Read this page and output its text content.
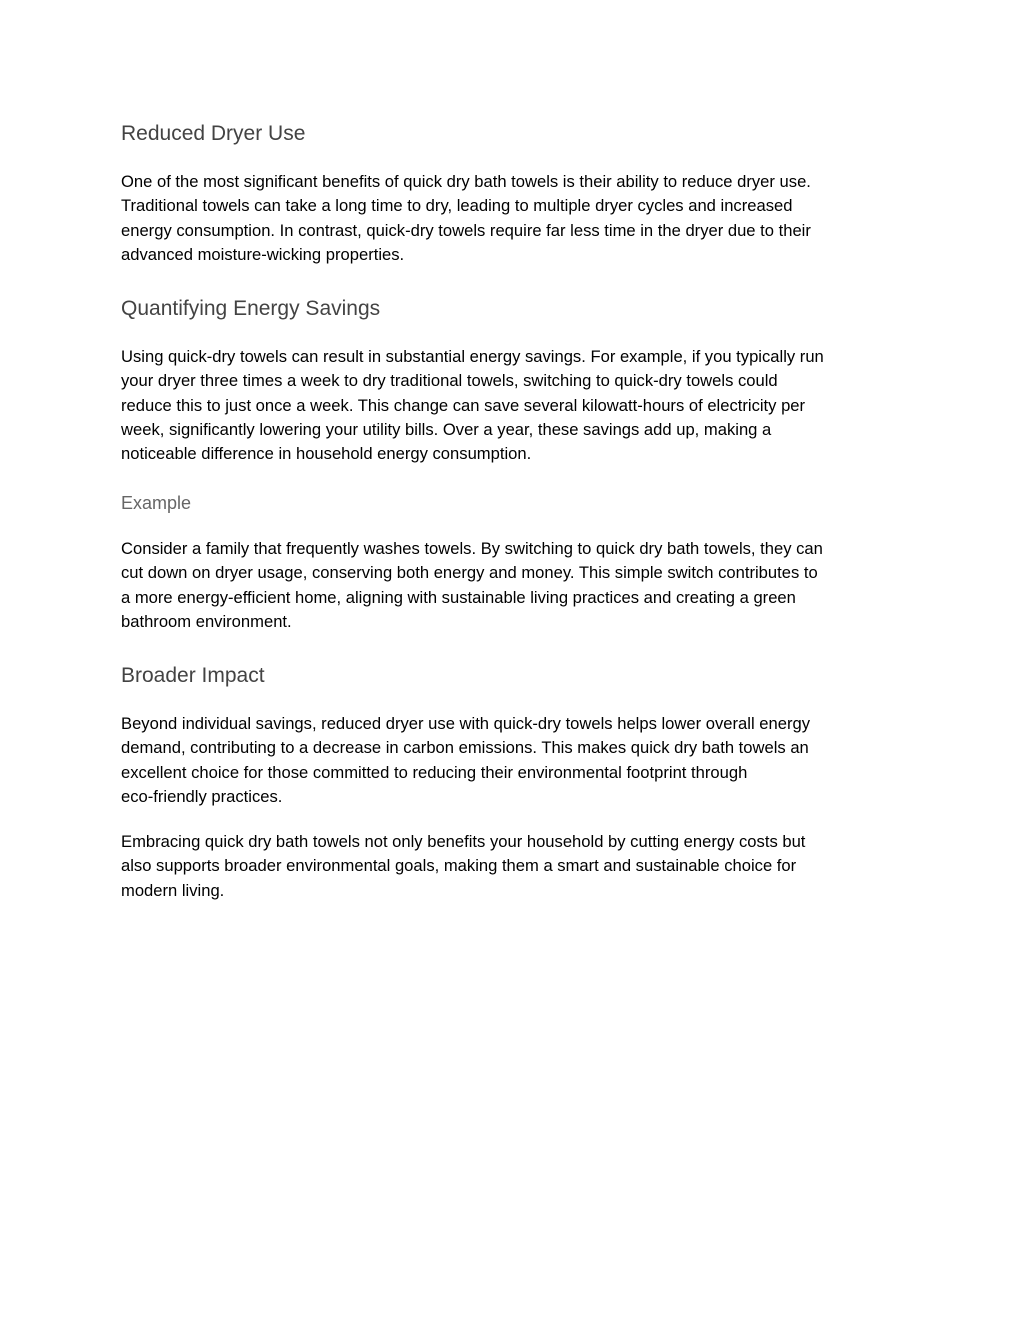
Reduced Dryer Use
One of the most significant benefits of quick dry bath towels is their ability to reduce dryer use.
Traditional towels can take a long time to dry, leading to multiple dryer cycles and increased
energy consumption. In contrast, quick-dry towels require far less time in the dryer due to their
advanced moisture-wicking properties.
Quantifying Energy Savings
Using quick-dry towels can result in substantial energy savings. For example, if you typically run
your dryer three times a week to dry traditional towels, switching to quick-dry towels could
reduce this to just once a week. This change can save several kilowatt-hours of electricity per
week, significantly lowering your utility bills. Over a year, these savings add up, making a
noticeable difference in household energy consumption.
Example
Consider a family that frequently washes towels. By switching to quick dry bath towels, they can
cut down on dryer usage, conserving both energy and money. This simple switch contributes to
a more energy-efficient home, aligning with sustainable living practices and creating a green
bathroom environment.
Broader Impact
Beyond individual savings, reduced dryer use with quick-dry towels helps lower overall energy
demand, contributing to a decrease in carbon emissions. This makes quick dry bath towels an
excellent choice for those committed to reducing their environmental footprint through
eco-friendly practices.
Embracing quick dry bath towels not only benefits your household by cutting energy costs but
also supports broader environmental goals, making them a smart and sustainable choice for
modern living.
